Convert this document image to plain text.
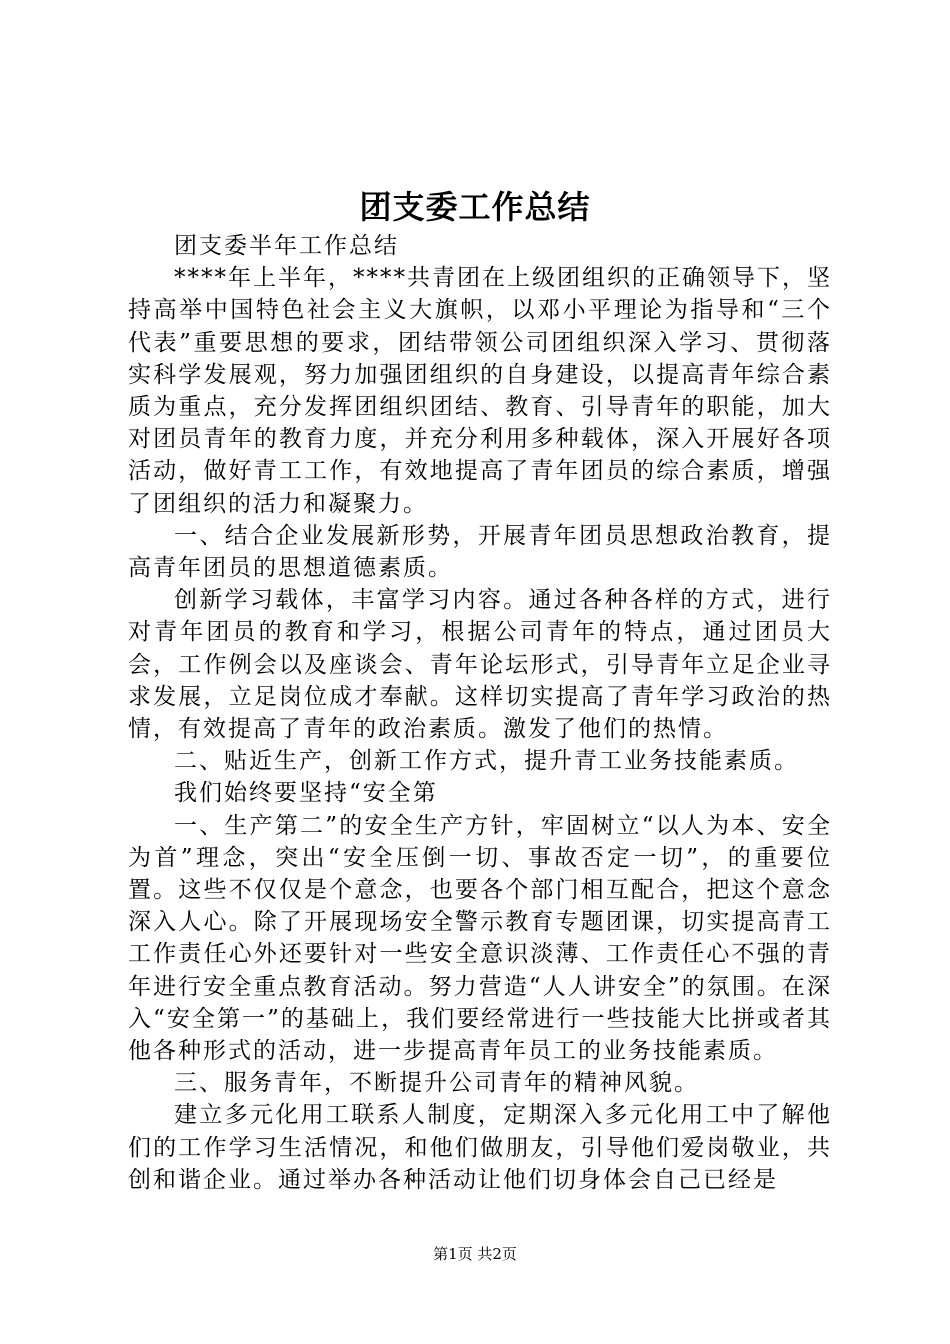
团支委工作总结

团支委半年工作总结

****年上半年，****共青团在上级团组织的正确领导下，坚持高举中国特色社会主义大旗帜，以邓小平理论为指导和“三个代表”重要思想的要求，团结带领公司团组织深入学习、贯彻落实科学发展观，努力加强团组织的自身建设，以提高青年综合素质为重点，充分发挥团组织团结、教育、引导青年的职能，加大对团员青年的教育力度，并充分利用多种载体，深入开展好各项活动，做好青工工作，有效地提高了青年团员的综合素质，增强了团组织的活力和凝聚力。

一、结合企业发展新形势，开展青年团员思想政治教育，提高青年团员的思想道德素质。

创新学习载体，丰富学习内容。通过各种各样的方式，进行对青年团员的教育和学习，根据公司青年的特点，通过团员大会，工作例会以及座谈会、青年论坛形式，引导青年立足企业寻求发展，立足岗位成才奉献。这样切实提高了青年学习政治的热情，有效提高了青年的政治素质。激发了他们的热情。

二、贴近生产，创新工作方式，提升青工业务技能素质。

我们始终要坚持“安全第

一、生产第二”的安全生产方针，牢固树立“以人为本、安全为首”理念，突出“安全压倒一切、事故否定一切”，的重要位置。这些不仅仅是个意念，也要各个部门相互配合，把这个意念深入人心。除了开展现场安全警示教育专题团课，切实提高青工工作责任心外还要针对一些安全意识淡薄、工作责任心不强的青年进行安全重点教育活动。努力营造“人人讲安全”的氛围。在深入“安全第一”的基础上，我们要经常进行一些技能大比拼或者其他各种形式的活动，进一步提高青年员工的业务技能素质。

三、服务青年，不断提升公司青年的精神风貌。

建立多元化用工联系人制度，定期深入多元化用工中了解他们的工作学习生活情况，和他们做朋友，引导他们爱岗敬业，共创和谐企业。通过举办各种活动让他们切身体会自己已经是

第1页 共2页
